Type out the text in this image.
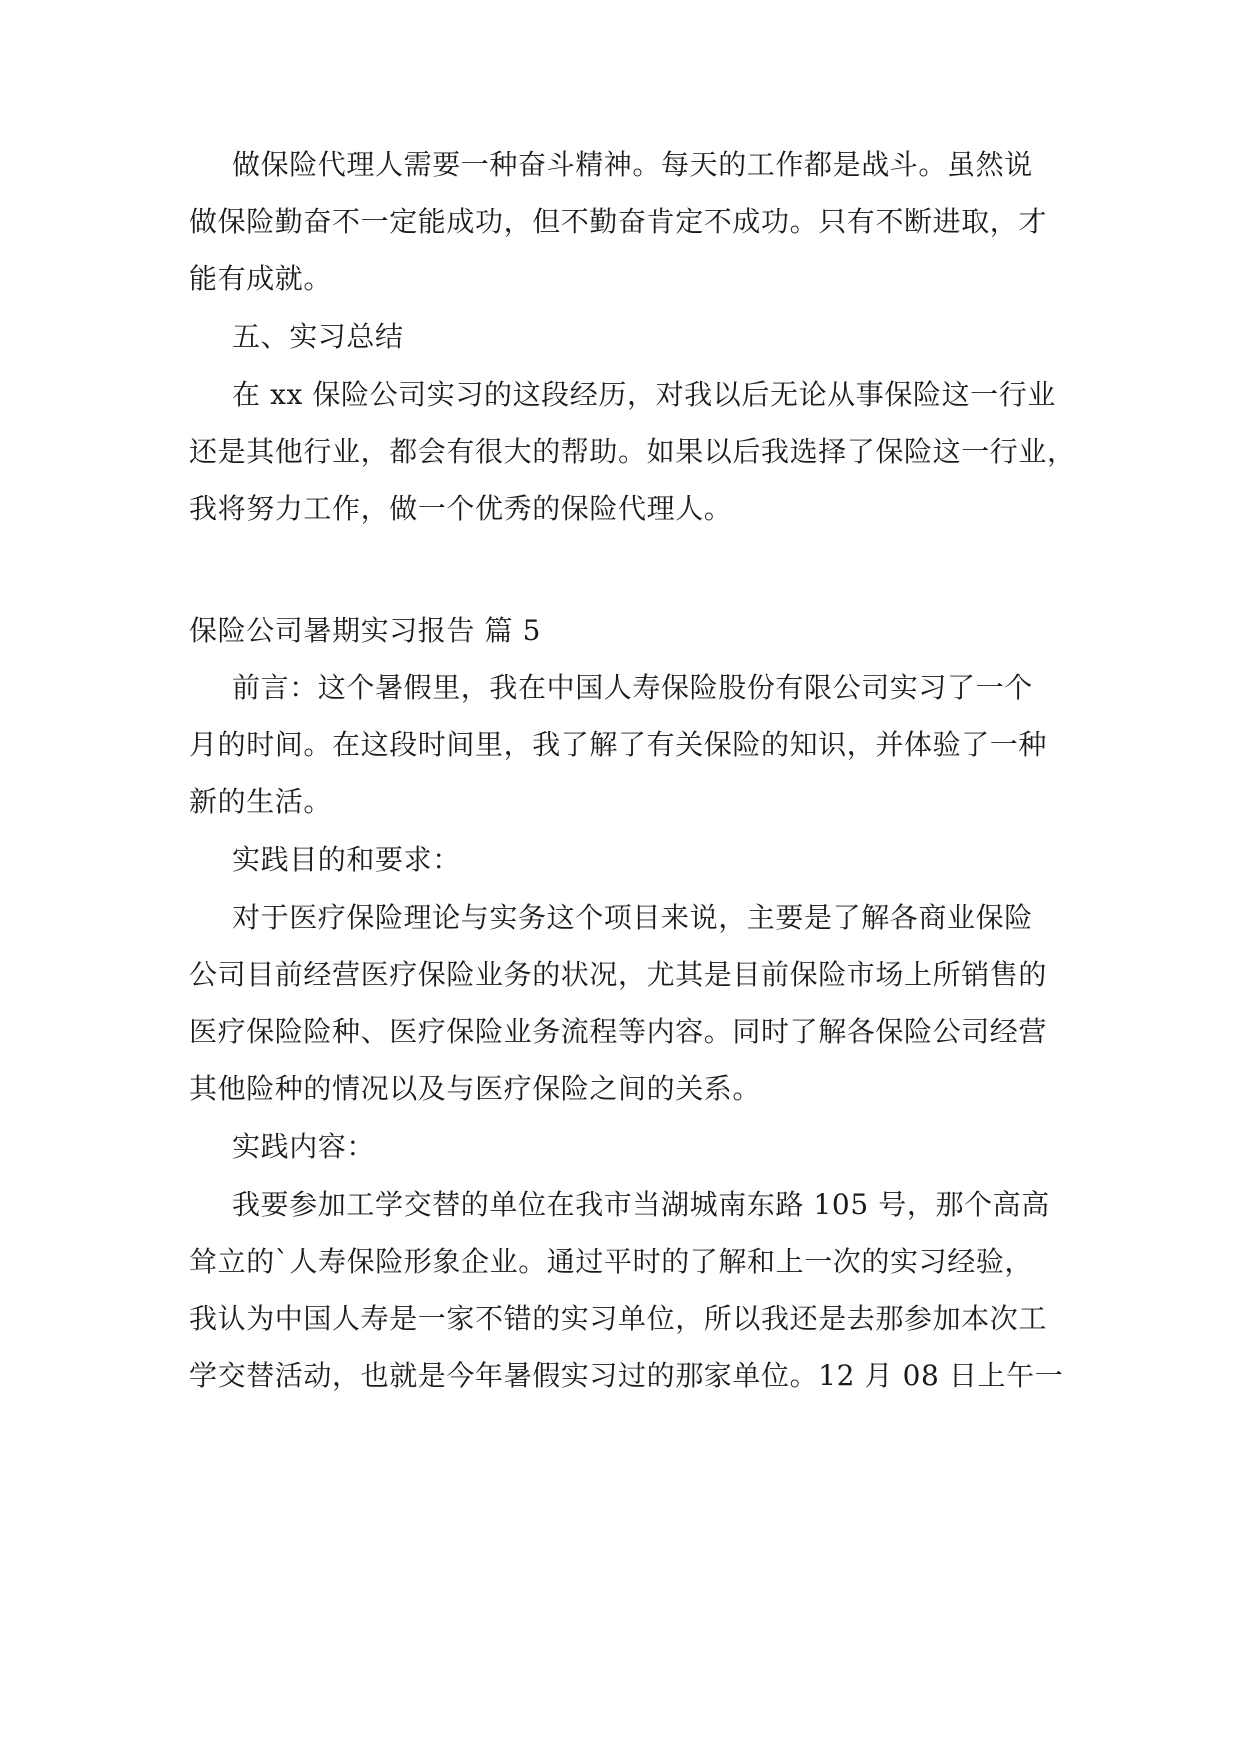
做保险代理人需要一种奋斗精神。每天的工作都是战斗。虽然说

做保险勤奋不一定能成功，但不勤奋肯定不成功。只有不断进取，才

能有成就。

五、实习总结

在 xx 保险公司实习的这段经历，对我以后无论从事保险这一行业

还是其他行业，都会有很大的帮助。如果以后我选择了保险这一行业，

我将努力工作，做一个优秀的保险代理人。

保险公司暑期实习报告 篇 5

前言：这个暑假里，我在中国人寿保险股份有限公司实习了一个

月的时间。在这段时间里，我了解了有关保险的知识，并体验了一种

新的生活。

实践目的和要求：

对于医疗保险理论与实务这个项目来说，主要是了解各商业保险

公司目前经营医疗保险业务的状况，尤其是目前保险市场上所销售的

医疗保险险种、医疗保险业务流程等内容。同时了解各保险公司经营

其他险种的情况以及与医疗保险之间的关系。

实践内容：

我要参加工学交替的单位在我市当湖城南东路 105 号，那个高高

耸立的`人寿保险形象企业。通过平时的了解和上一次的实习经验，

我认为中国人寿是一家不错的实习单位，所以我还是去那参加本次工

学交替活动，也就是今年暑假实习过的那家单位。12 月 08 日上午一
